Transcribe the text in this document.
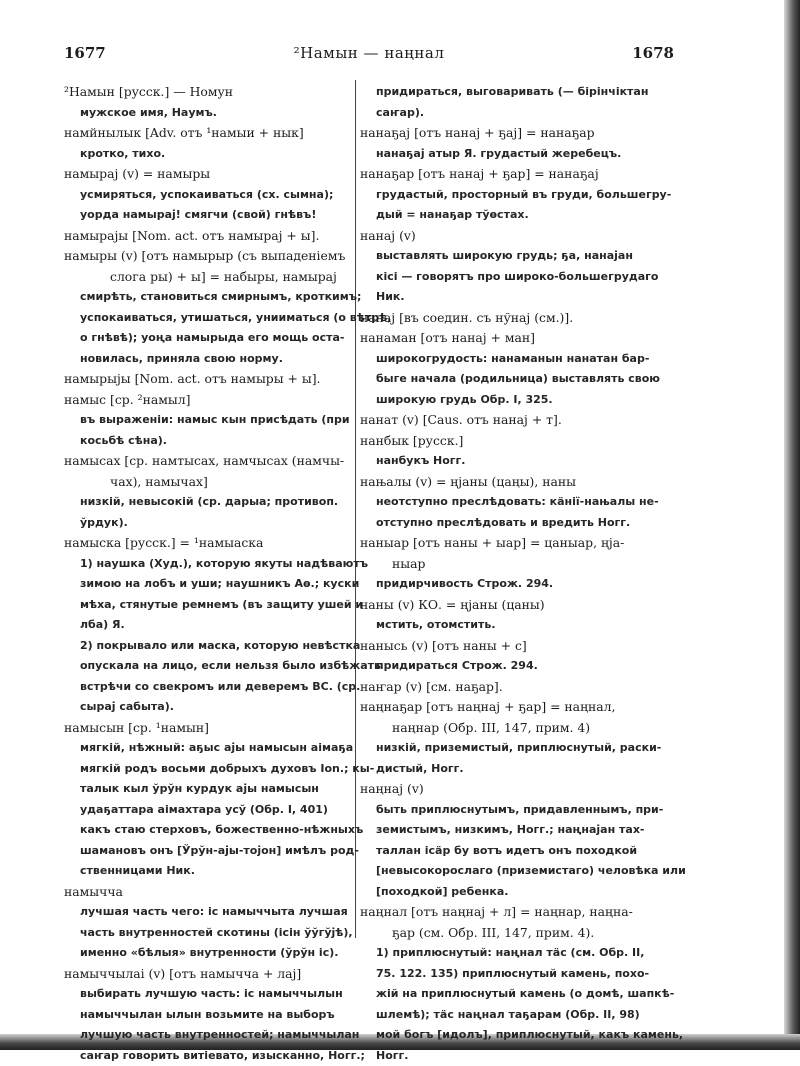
1677	²Намын — наңнал	1678
²Намын [русск.] — Номун
мужское имя, Наумъ.
намйнылык [Adv. отъ ¹намыи + нык]
кротко, тихо.
намырај (v) = намыры
усмиряться, успокаиваться (сх. сымна);
уорда намырај! смягчи (свой) гнѣвъ!
намырајы [Nom. act. отъ намырај + ы].
намыры (v) [отъ намырыр (съ выпаденіемъ
слога ры) + ы] = набыры, намырај
смирѣть, становиться смирнымъ, кроткимъ;
успокаиваться, утишаться, унииматься (о вѣтрѣ,
о гнѣвѣ); уоңа намырыда его мощь оста-
новилась, приняла свою норму.
намырыјы [Nom. act. отъ намыры + ы].
намыс [ср. ²намыл]
въ выраженіи: намыс кын присѣдать (при
косьбѣ сѣна).
намысах [ср. намтысах, намчысах (намчы-
чах), намычах]
низкій, невысокій (ср. дарыа; противоп.
ўрдук).
намыска [русск.] = ¹намыаска
1) наушка (Худ.), которую якуты надѣваютъ
зимою на лобъ и уши; наушникъ Аө.; куски
мѣха, стянутые ремнемъ (въ защиту ушей и
лба) Я.
2) покрывало или маска, которую невѣстка
опускала на лицо, если нельзя было избѣжать
встрѣчи со свекромъ или деверемъ ВС. (ср.
сырај сабыта).
намысын [ср. ¹намын]
мягкій, нѣжный: аҕыс ајы намысын аімаҕа
мягкій родъ восьми добрыхъ духовъ Ion.; кы-
талык кыл ўрўн курдук ајы намысын
удаҕаттара аімахтара усў (Обр. І, 401)
какъ стаю стерховъ, божественно-нѣжныхъ
шамановъ онъ [Ўрўн-ајы-тојон] имѣлъ род-
ственницами Ник.
намычча
лучшая часть чего: іс намыччыта лучшая
часть внутренностей скотины (ісін ўўгўјѣ),
именно «бѣлыя» внутренности (ўрўн іс).
намыччылаі (v) [отъ намычча + лај]
выбирать лучшую часть: іс намыччылын
намыччылан ылын возьмите на выборъ
лучшую часть внутренностей; намыччылан
саҥар говорить витіевато, изысканно, Ногг.;
придираться, выговаривать (— бірінчіктан
саҥар).
нанаҕај [отъ нанај + ҕај] = нанаҕар
нанаҕај атыр Я. грудастый жеребецъ.
нанаҕар [отъ нанај + ҕар] = нанаҕај
грудастый, просторный въ груди, большегру-
дый = нанаҕар тўөстах.
нанај (v)
выставлять широкую грудь; ҕа, нанајан
кісі — говорятъ про широко-большегрудаго
Ник.
нанај [въ соедин. съ нўнај (см.)].
нанаман [отъ нанај + ман]
широкогрудость: нанаманын нанатан бар-
быге начала (родильница) выставлять свою
широкую грудь Обр. І, 325.
нанат (v) [Caus. отъ нанај + т].
нанбык [русск.]
нанбукъ Ногг.
нањалы (v) = ңјаны (цаңы), наны
неотступно преслѣдовать: кäнії-нањалы не-
отступно преслѣдовать и вредить Ногг.
наныар [отъ наны + ыар] = цаныар, ңја-
ныар
придирчивость Строж. 294.
наны (v) КО. = ңјаны (цаны)
мстить, отомстить.
нанысь (v) [отъ наны + с]
придираться Строж. 294.
наҥар (v) [см. наҕар].
наңнаҕар [отъ наңнај + ҕар] = наңнал,
наңнар (Обр. ІІІ, 147, прим. 4)
низкій, приземистый, приплюснутый, раски-
дистый, Ногг.
наңнај (v)
быть приплюснутымъ, придавленнымъ, при-
земистымъ, низкимъ, Ногг.; наңнајан тах-
таллан ісäр бу вотъ идетъ онъ походкой
[невысокорослаго (приземистаго) человѣка или
[походкой] ребенка.
наңнал [отъ наңнај + л] = наңнар, наңна-
ҕар (см. Обр. ІІІ, 147, прим. 4).
1) приплюснутый: наңнал тäс (см. Обр. ІІ,
75. 122. 135) приплюснутый камень, похо-
жій на приплюснутый камень (о домѣ, шапкѣ-
шлемѣ); тäс наңнал таҕарам (Обр. ІІ, 98)
мой богъ [идолъ], приплюснутый, какъ камень,
Ногг.
